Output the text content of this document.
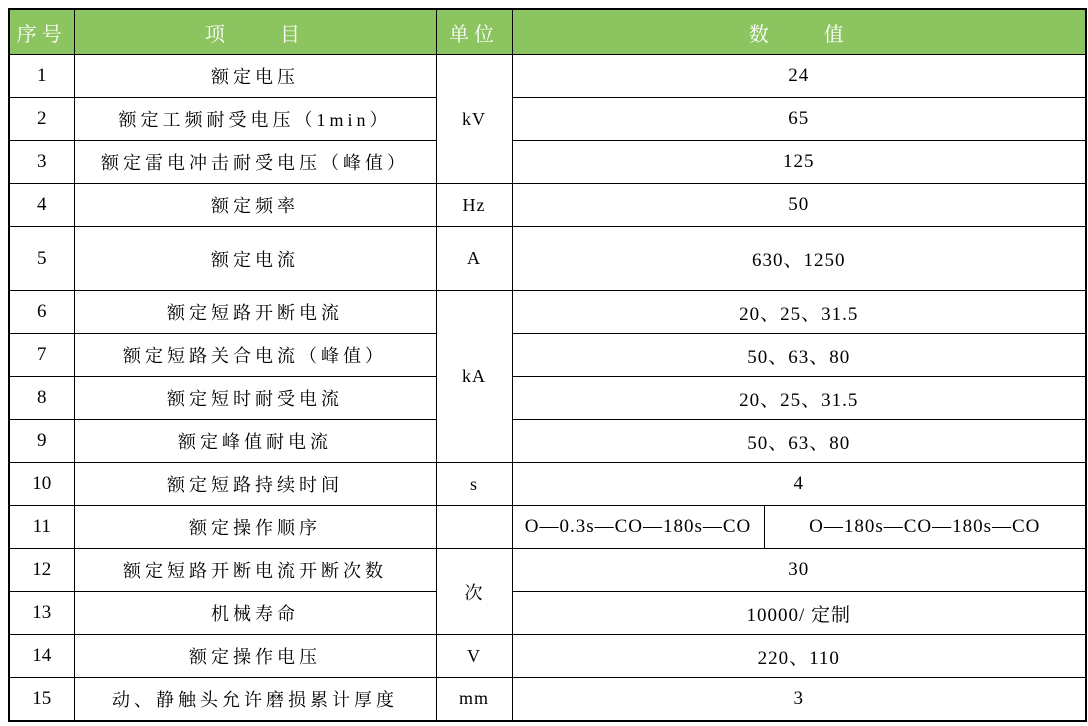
序号	项　　目	单位	数　　值	
1	额定电压	kV	24	
2	额定工频耐受电压（1min）		65	
3	额定雷电冲击耐受电压（峰值）		125	
4	额定频率	Hz	50	
5	额定电流	A	630、1250	
6	额定短路开断电流	kA	20、25、31.5	
7	额定短路关合电流（峰值）		50、63、80	
8	额定短时耐受电流		20、25、31.5	
9	额定峰值耐电流		50、63、80	
10	额定短路持续时间	s	4	
11	额定操作顺序		O—0.3s—CO—180s—CO	O—180s—CO—180s—CO
12	额定短路开断电流开断次数	次	30	
13	机械寿命		10000/ 定制	
14	额定操作电压	V	220、110	
15	动、静触头允许磨损累计厚度	mm	3	
